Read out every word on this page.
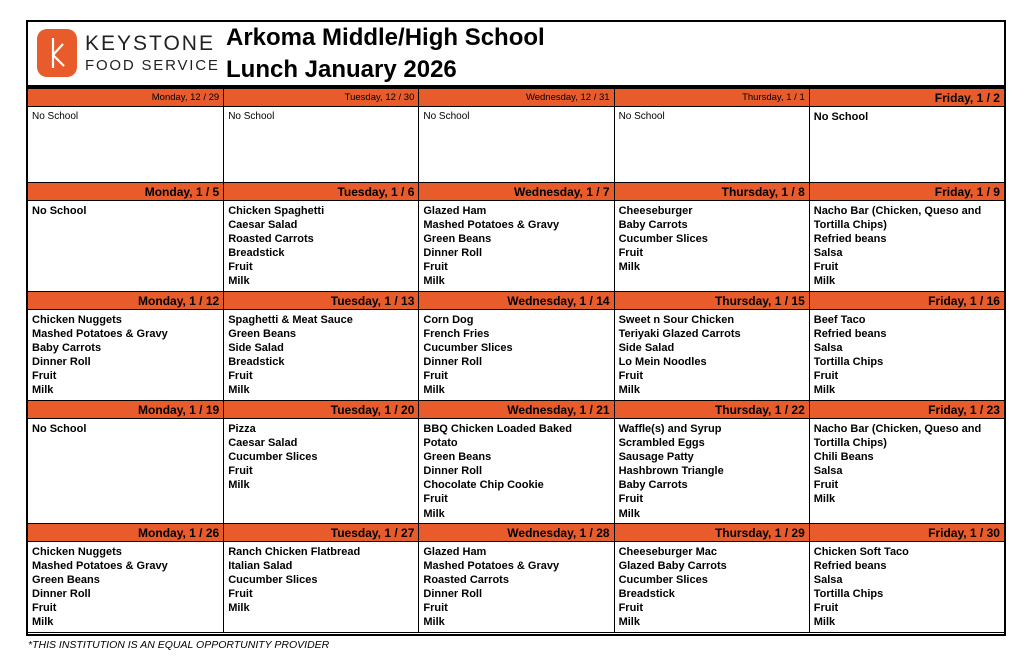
KEYSTONE
FOOD SERVICE
Arkoma Middle/High School
Lunch January 2026
Monday, 12 / 29
No School
Tuesday, 12 / 30
No School
Wednesday, 12 / 31
No School
Thursday, 1 / 1
No School
Friday, 1 / 2
No School
Monday, 1 / 5
No School
Tuesday, 1 / 6
Chicken Spaghetti
Caesar Salad
Roasted Carrots
Breadstick
Fruit
Milk
Wednesday, 1 / 7
Glazed Ham
Mashed Potatoes & Gravy
Green Beans
Dinner Roll
Fruit
Milk
Thursday, 1 / 8
Cheeseburger
Baby Carrots
Cucumber Slices
Fruit
Milk
Friday, 1 / 9
Nacho Bar (Chicken, Queso and
Tortilla Chips)
Refried beans
Salsa
Fruit
Milk
Monday, 1 / 12
Chicken Nuggets
Mashed Potatoes & Gravy
Baby Carrots
Dinner Roll
Fruit
Milk
Tuesday, 1 / 13
Spaghetti & Meat Sauce
Green Beans
Side Salad
Breadstick
Fruit
Milk
Wednesday, 1 / 14
Corn Dog
French Fries
Cucumber Slices
Dinner Roll
Fruit
Milk
Thursday, 1 / 15
Sweet n Sour Chicken
Teriyaki Glazed Carrots
Side Salad
Lo Mein Noodles
Fruit
Milk
Friday, 1 / 16
Beef Taco
Refried beans
Salsa
Tortilla Chips
Fruit
Milk
Monday, 1 / 19
No School
Tuesday, 1 / 20
Pizza
Caesar Salad
Cucumber Slices
Fruit
Milk
Wednesday, 1 / 21
BBQ Chicken Loaded Baked
Potato
Green Beans
Dinner Roll
Chocolate Chip Cookie
Fruit
Milk
Thursday, 1 / 22
Waffle(s) and Syrup
Scrambled Eggs
Sausage Patty
Hashbrown Triangle
Baby Carrots
Fruit
Milk
Friday, 1 / 23
Nacho Bar (Chicken, Queso and
Tortilla Chips)
Chili Beans
Salsa
Fruit
Milk
Monday, 1 / 26
Chicken Nuggets
Mashed Potatoes & Gravy
Green Beans
Dinner Roll
Fruit
Milk
Tuesday, 1 / 27
Ranch Chicken Flatbread
Italian Salad
Cucumber Slices
Fruit
Milk
Wednesday, 1 / 28
Glazed Ham
Mashed Potatoes & Gravy
Roasted Carrots
Dinner Roll
Fruit
Milk
Thursday, 1 / 29
Cheeseburger Mac
Glazed Baby Carrots
Cucumber Slices
Breadstick
Fruit
Milk
Friday, 1 / 30
Chicken Soft Taco
Refried beans
Salsa
Tortilla Chips
Fruit
Milk
*THIS INSTITUTION IS AN EQUAL OPPORTUNITY PROVIDER
